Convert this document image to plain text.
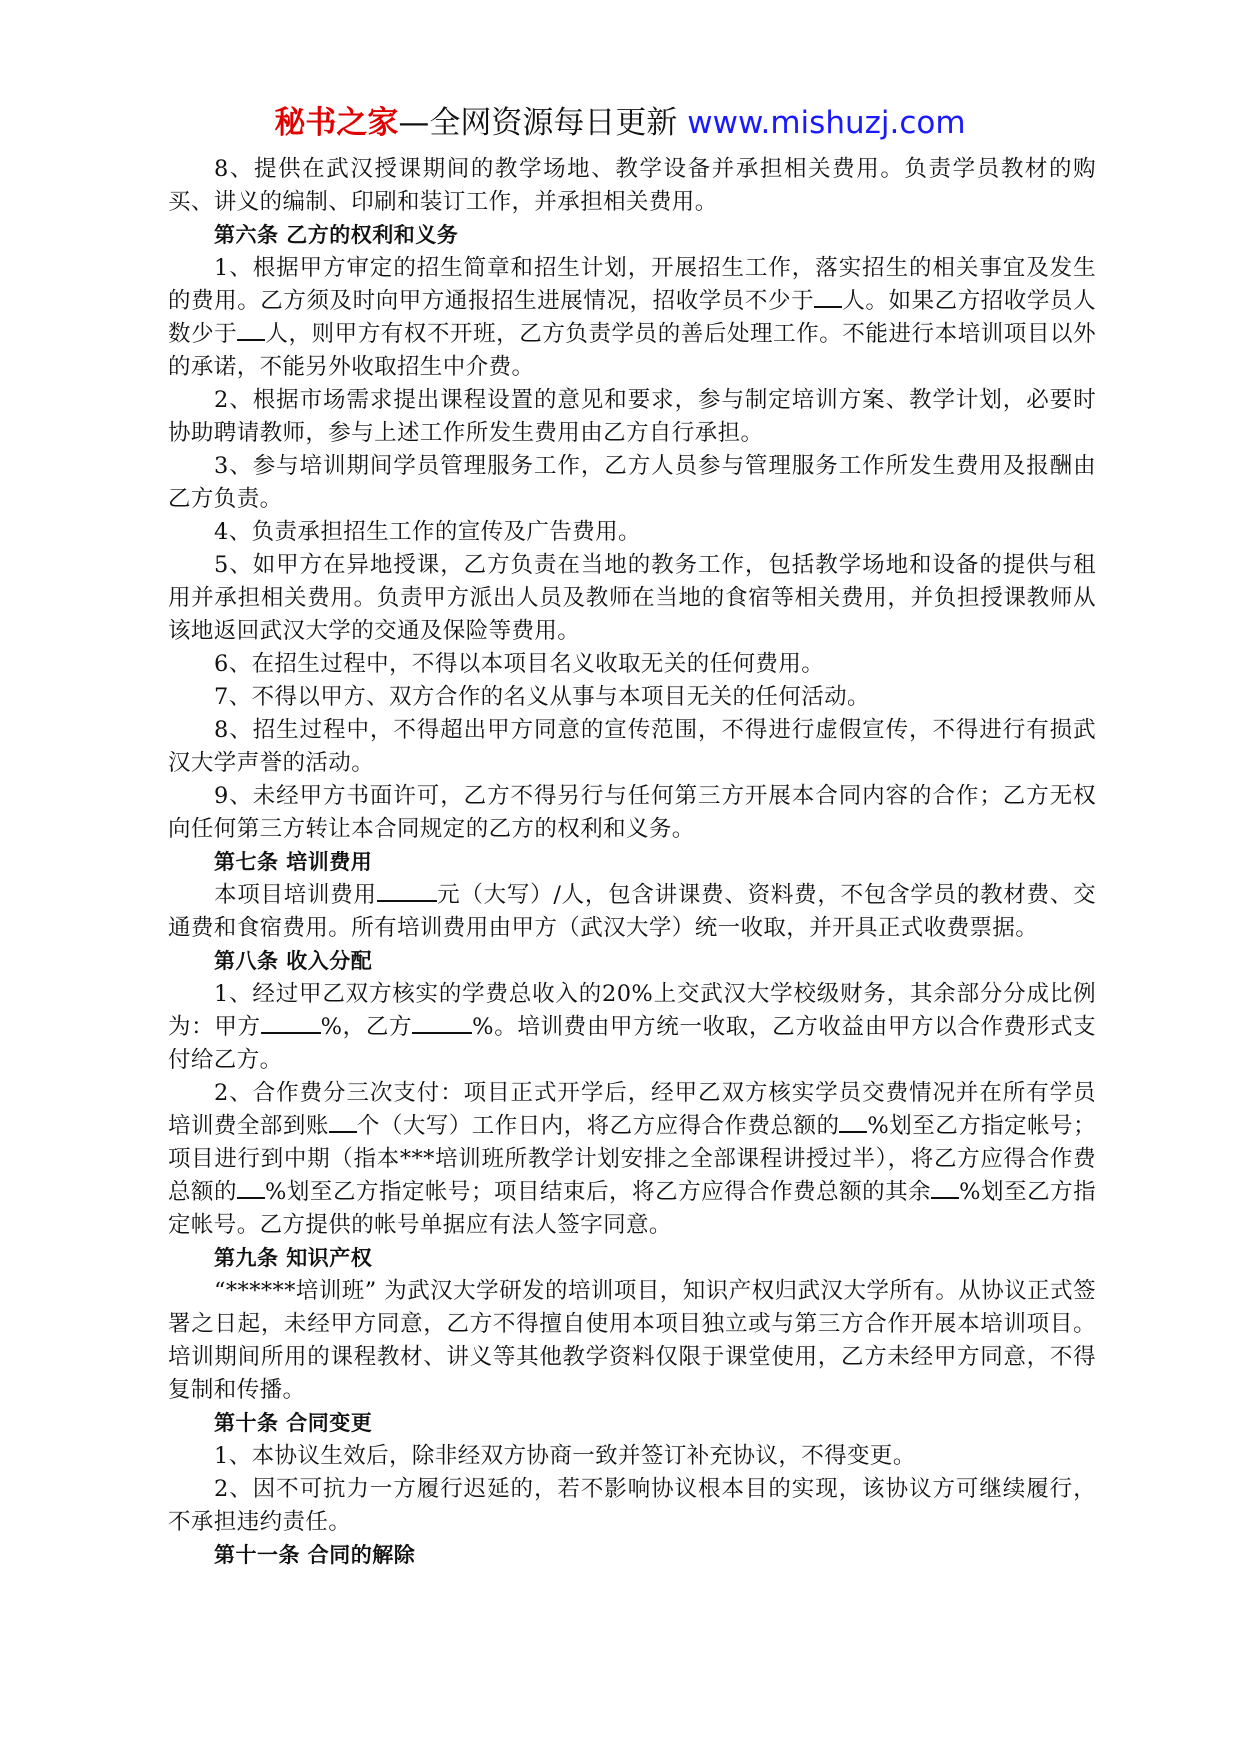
秘书之家—全网资源每日更新 www.mishuzj.com

8、提供在武汉授课期间的教学场地、教学设备并承担相关费用。负责学员教材的购买、讲义的编制、印刷和装订工作，并承担相关费用。

第六条 乙方的权利和义务

1、根据甲方审定的招生简章和招生计划，开展招生工作，落实招生的相关事宜及发生的费用。乙方须及时向甲方通报招生进展情况，招收学员不少于 人。如果乙方招收学员人数少于 人，则甲方有权不开班，乙方负责学员的善后处理工作。不能进行本培训项目以外的承诺，不能另外收取招生中介费。

2、根据市场需求提出课程设置的意见和要求，参与制定培训方案、教学计划，必要时协助聘请教师，参与上述工作所发生费用由乙方自行承担。

3、参与培训期间学员管理服务工作，乙方人员参与管理服务工作所发生费用及报酬由乙方负责。

4、负责承担招生工作的宣传及广告费用。

5、如甲方在异地授课，乙方负责在当地的教务工作，包括教学场地和设备的提供与租用并承担相关费用。负责甲方派出人员及教师在当地的食宿等相关费用，并负担授课教师从该地返回武汉大学的交通及保险等费用。

6、在招生过程中，不得以本项目名义收取无关的任何费用。

7、不得以甲方、双方合作的名义从事与本项目无关的任何活动。

8、招生过程中，不得超出甲方同意的宣传范围，不得进行虚假宣传，不得进行有损武汉大学声誉的活动。

9、未经甲方书面许可，乙方不得另行与任何第三方开展本合同内容的合作；乙方无权向任何第三方转让本合同规定的乙方的权利和义务。

第七条 培训费用

本项目培训费用	元（大写）/人，包含讲课费、资料费，不包含学员的教材费、交通费和食宿费用。所有培训费用由甲方（武汉大学）统一收取，并开具正式收费票据。

第八条 收入分配

1、经过甲乙双方核实的学费总收入的20%上交武汉大学校级财务，其余部分分成比例为：甲方	%，乙方	%。培训费由甲方统一收取，乙方收益由甲方以合作费形式支付给乙方。

2、合作费分三次支付：项目正式开学后，经甲乙双方核实学员交费情况并在所有学员培训费全部到账 个（大写）工作日内，将乙方应得合作费总额的 %划至乙方指定帐号；项目进行到中期（指本***培训班所教学计划安排之全部课程讲授过半），将乙方应得合作费总额的 %划至乙方指定帐号；项目结束后，将乙方应得合作费总额的其余 %划至乙方指定帐号。乙方提供的帐号单据应有法人签字同意。

第九条 知识产权

“******培训班” 为武汉大学研发的培训项目，知识产权归武汉大学所有。从协议正式签署之日起，未经甲方同意，乙方不得擅自使用本项目独立或与第三方合作开展本培训项目。培训期间所用的课程教材、讲义等其他教学资料仅限于课堂使用，乙方未经甲方同意，不得复制和传播。

第十条 合同变更

1、本协议生效后，除非经双方协商一致并签订补充协议，不得变更。

2、因不可抗力一方履行迟延的，若不影响协议根本目的实现，该协议方可继续履行，不承担违约责任。

第十一条 合同的解除
